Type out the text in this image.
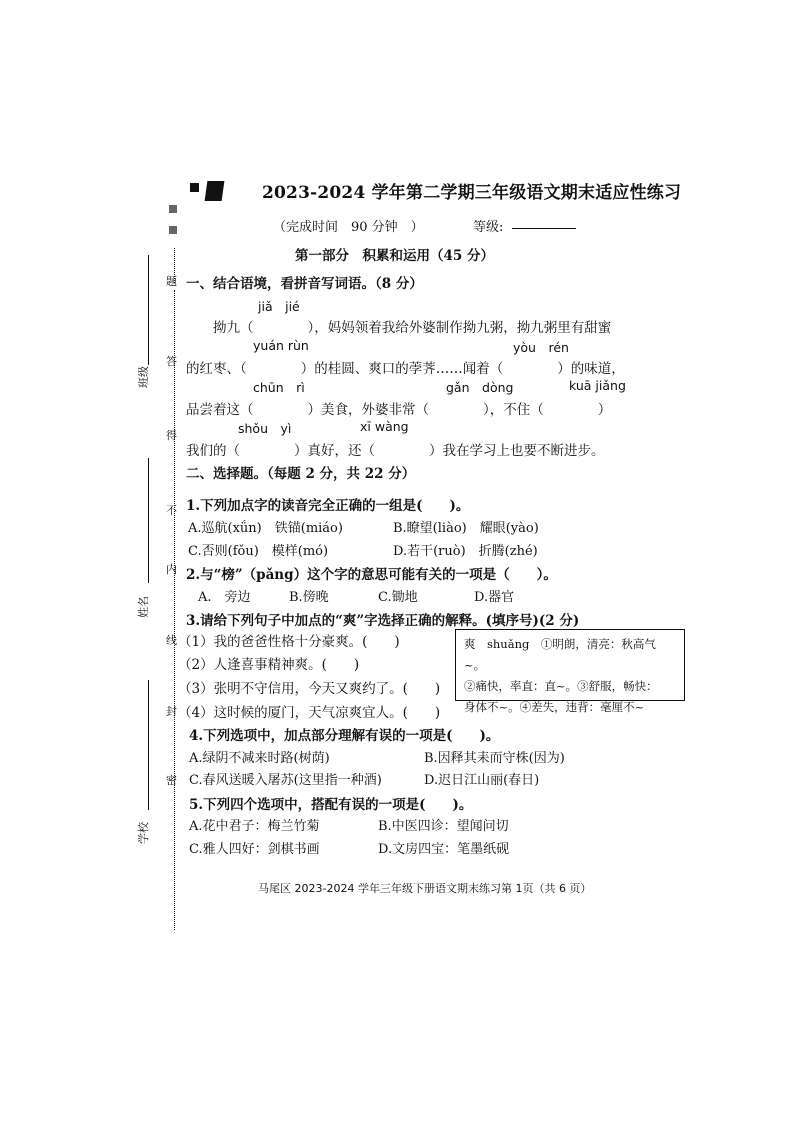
2023-2024 学年第二学期三年级语文期末适应性练习
（完成时间　90 分钟　）	等级:
第一部分　积累和运用（45 分）
题
答
得
不
内
线
封
密
班级
姓名
学校
一、结合语境，看拼音写词语。（8 分）
jiǎ　jié
拗九（　　　　），妈妈领着我给外婆制作拗九粥，拗九粥里有甜蜜
yuán rùn	yòu　rén
的红枣、（　　　　）的桂圆、爽口的荸荠……闻着（　　　　）的味道，
chūn　rì	gǎn　dòng	kuā jiǎng
品尝着这（　　　　）美食，外婆非常（　　　　），不住（　　　　）
shǒu　yì	xī wàng
我们的（　　　　）真好，还（　　　　）我在学习上也要不断进步。
二、选择题。（每题 2 分，共 22 分）
1.下列加点字的读音完全正确的一组是(　　)。
A.巡航(xǘn)　铁锚(miáo)	B.瞭望(liào)　耀眼(yào)
C.否则(fǒu)　模样(mó)	D.若干(ruò)　折腾(zhé)
2.与“榜”（pǎng）这个字的意思可能有关的一项是（　　）。
A.　旁边	B.傍晚	C.锄地	D.器官
3.请给下列句子中加点的“爽”字选择正确的解释。(填序号)(2 分)
（1）我的爸爸性格十分豪爽。(　　)
（2）人逢喜事精神爽。(　　)
（3）张明不守信用，今天又爽约了。(　　)
（4）这时候的厦门，天气凉爽宜人。(　　)
爽　shuǎng　①明朗，清亮：秋高气~。
②痛快，率直：直~。③舒服，畅快：
身体不~。④差失，违背：毫厘不~
4.下列选项中，加点部分理解有误的一项是(　　)。
A.绿阴不减来时路(树荫)	B.因释其耒而守株(因为)
C.春风送暖入屠苏(这里指一种酒)	D.迟日江山丽(春日)
5.下列四个选项中，搭配有误的一项是(　　)。
A.花中君子：梅兰竹菊	B.中医四诊：望闻问切
C.雅人四好：剑棋书画	D.文房四宝：笔墨纸砚
马尾区 2023-2024 学年三年级下册语文期末练习第 1页（共 6 页）
